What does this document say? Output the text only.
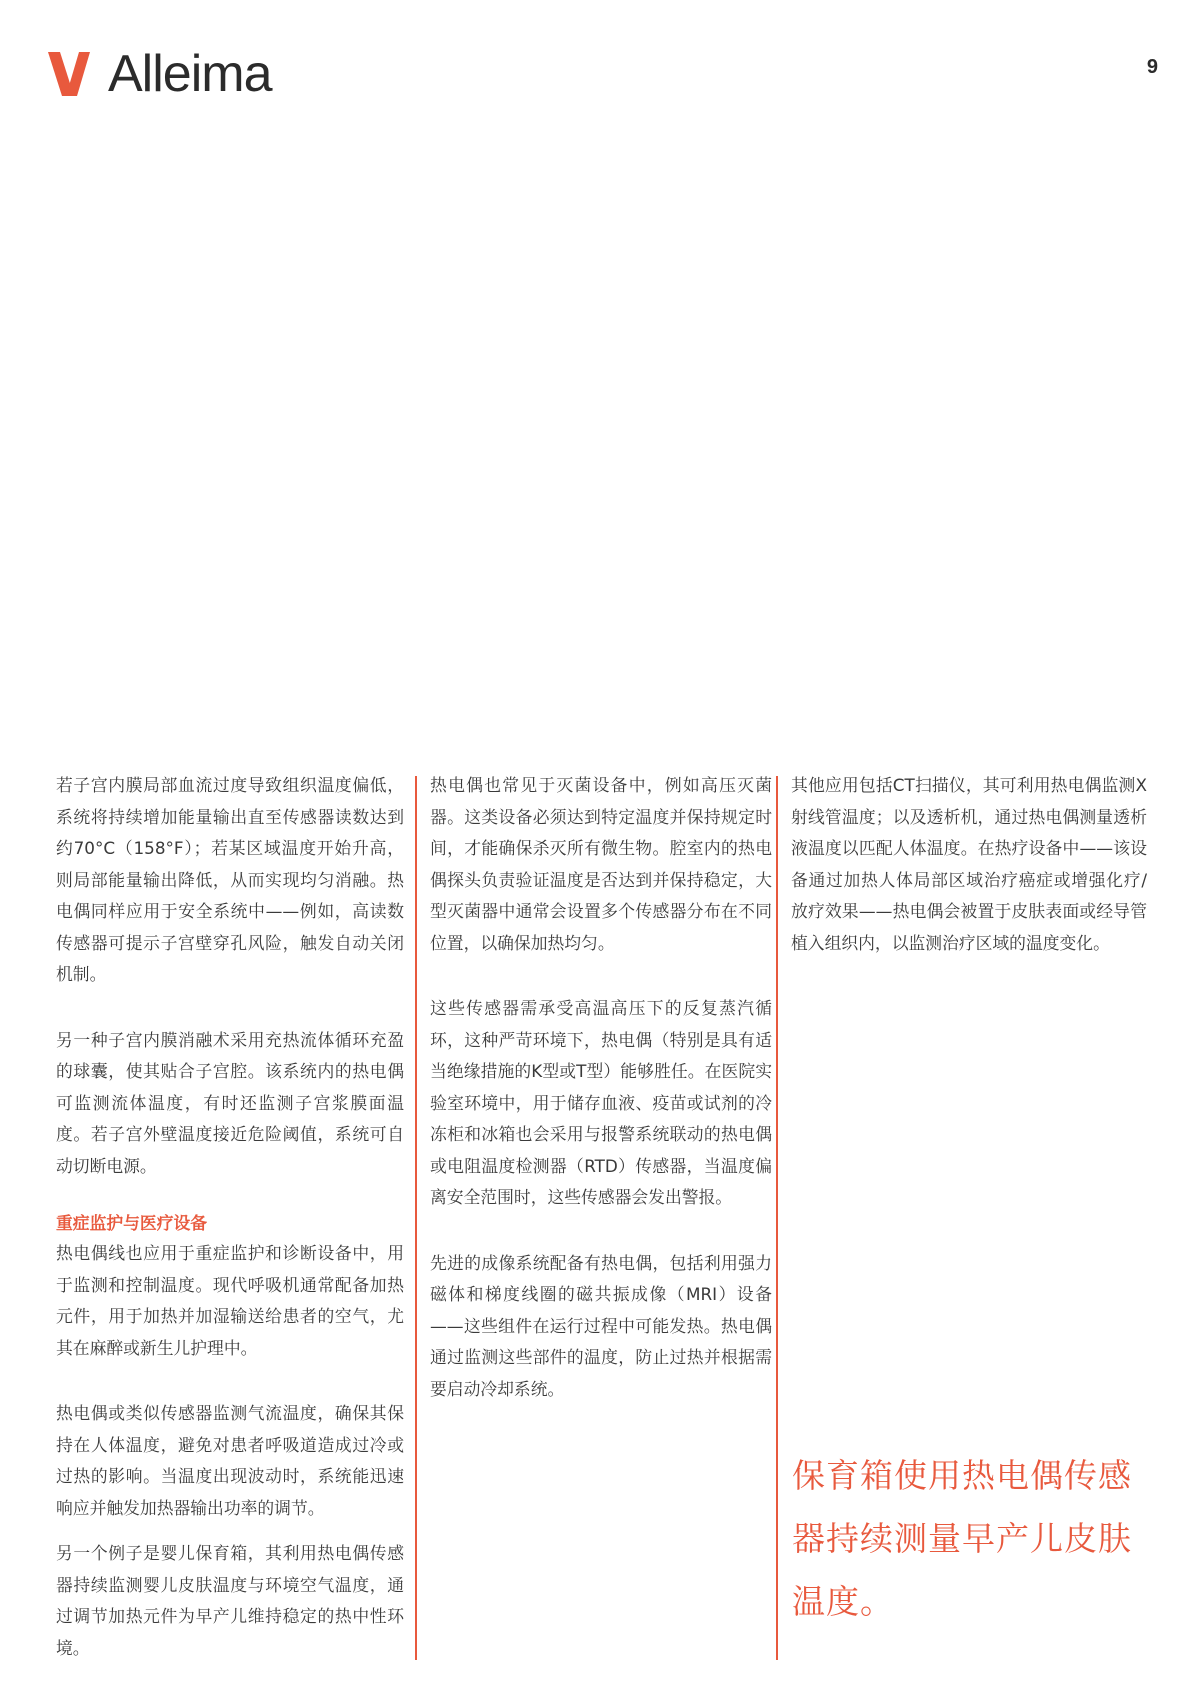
Alleima	9

若子宫内膜局部血流过度导致组织温度偏低，系统将持续增加能量输出直至传感器读数达到约70°C（158°F）；若某区域温度开始升高，则局部能量输出降低，从而实现均匀消融。热电偶同样应用于安全系统中——例如，高读数传感器可提示子宫壁穿孔风险，触发自动关闭机制。

另一种子宫内膜消融术采用充热流体循环充盈的球囊，使其贴合子宫腔。该系统内的热电偶可监测流体温度，有时还监测子宫浆膜面温度。若子宫外壁温度接近危险阈值，系统可自动切断电源。

重症监护与医疗设备

热电偶线也应用于重症监护和诊断设备中，用于监测和控制温度。现代呼吸机通常配备加热元件，用于加热并加湿输送给患者的空气，尤其在麻醉或新生儿护理中。

热电偶或类似传感器监测气流温度，确保其保持在人体温度，避免对患者呼吸道造成过冷或过热的影响。当温度出现波动时，系统能迅速响应并触发加热器输出功率的调节。

另一个例子是婴儿保育箱，其利用热电偶传感器持续监测婴儿皮肤温度与环境空气温度，通过调节加热元件为早产儿维持稳定的热中性环境。

热电偶也常见于灭菌设备中，例如高压灭菌器。这类设备必须达到特定温度并保持规定时间，才能确保杀灭所有微生物。腔室内的热电偶探头负责验证温度是否达到并保持稳定，大型灭菌器中通常会设置多个传感器分布在不同位置，以确保加热均匀。

这些传感器需承受高温高压下的反复蒸汽循环，这种严苛环境下，热电偶（特别是具有适当绝缘措施的K型或T型）能够胜任。在医院实验室环境中，用于储存血液、疫苗或试剂的冷冻柜和冰箱也会采用与报警系统联动的热电偶或电阻温度检测器（RTD）传感器，当温度偏离安全范围时，这些传感器会发出警报。

先进的成像系统配备有热电偶，包括利用强力磁体和梯度线圈的磁共振成像（MRI）设备——这些组件在运行过程中可能发热。热电偶通过监测这些部件的温度，防止过热并根据需要启动冷却系统。

其他应用包括CT扫描仪，其可利用热电偶监测X射线管温度；以及透析机，通过热电偶测量透析液温度以匹配人体温度。在热疗设备中——该设备通过加热人体局部区域治疗癌症或增强化疗/放疗效果——热电偶会被置于皮肤表面或经导管植入组织内，以监测治疗区域的温度变化。

保育箱使用热电偶传感器持续测量早产儿皮肤温度。
